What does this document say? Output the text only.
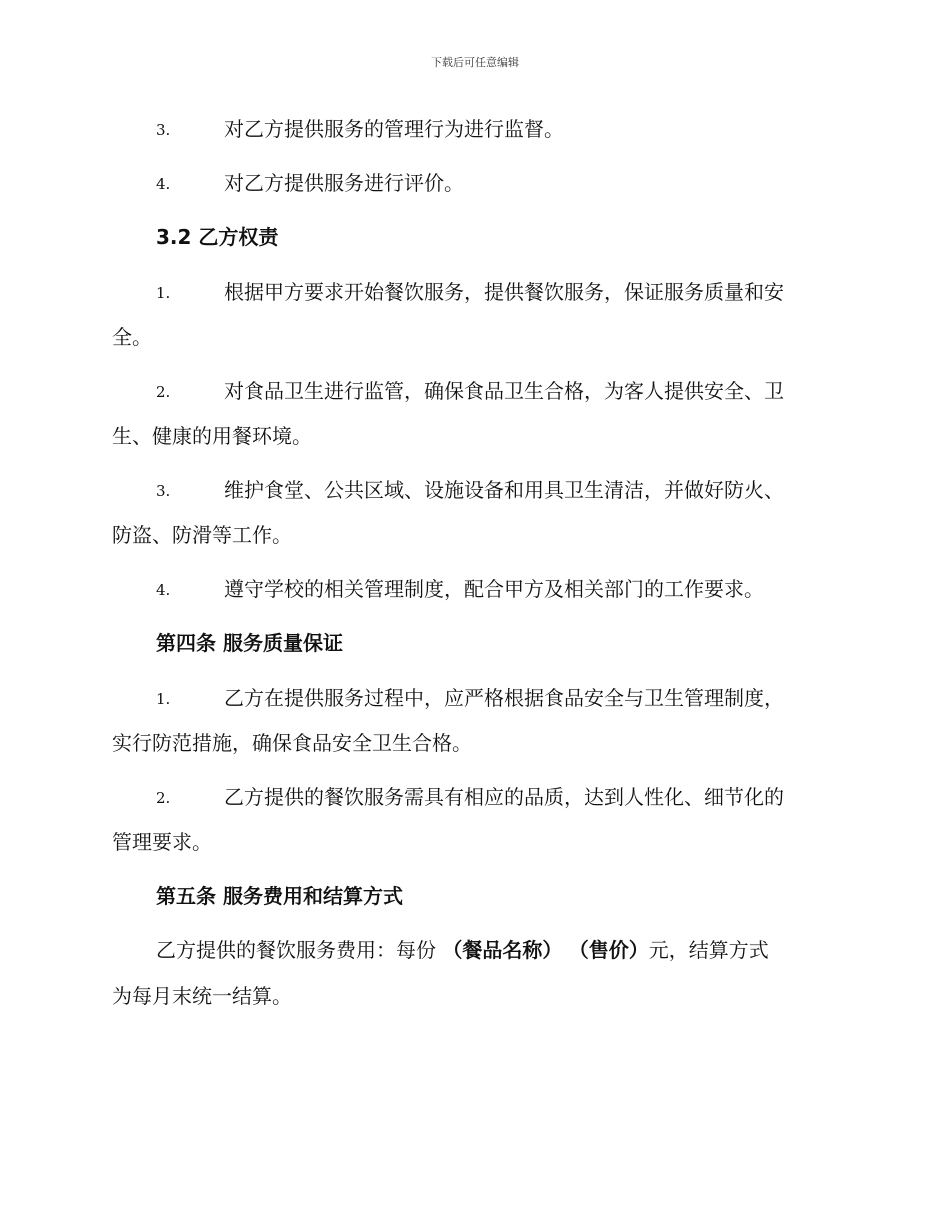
下载后可任意编辑
3.	对乙方提供服务的管理行为进行监督。
4.	对乙方提供服务进行评价。
3.2 乙方权责
1.	根据甲方要求开始餐饮服务，提供餐饮服务，保证服务质量和安
全。
2.	对食品卫生进行监管，确保食品卫生合格，为客人提供安全、卫
生、健康的用餐环境。
3.	维护食堂、公共区域、设施设备和用具卫生清洁，并做好防火、
防盗、防滑等工作。
4.	遵守学校的相关管理制度，配合甲方及相关部门的工作要求。
第四条 服务质量保证
1.	乙方在提供服务过程中，应严格根据食品安全与卫生管理制度，
实行防范措施，确保食品安全卫生合格。
2.	乙方提供的餐饮服务需具有相应的品质，达到人性化、细节化的
管理要求。
第五条 服务费用和结算方式
乙方提供的餐饮服务费用：每份 （餐品名称） （售价）元，结算方式
为每月末统一结算。
